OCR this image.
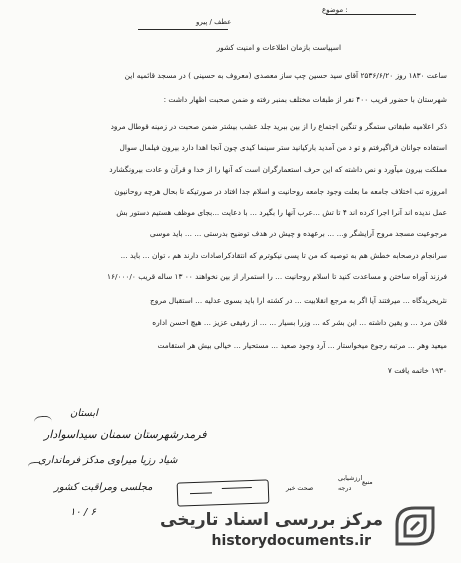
موضوع :
عطف / پیرو
اسپیاست بازمان اطلاعات و امنیت کشور
ساعت ۱۸۳۰ روز ۲۵۳۶/۶/۲۰ آقای سید حسین چپ ساز معصدی (معروف به حسینی ) در مسجد قائمیه این
شهرستان با حضور قریب ۴۰۰ نفر از طبقات مختلف بمنبر رفته و ضمن صحبت اظهار داشت :
ذکر اعلامیه طبقاتی ستمگر و تنگین اجتماع را از بین ببرید جلد عشب بیشتر ضمن صحبت در زمینه قوطال مرود
استفاده جوانان فراگیرفتم و تو د من آمدید بارکیانید ستر سینما کیدی چون آنجا اهدا دارد بیرون فیلمال سوال
مملکت بیرون میآورد و نص داشته که این حرف استعمارگران است که آنها را از خدا و قرآن و عادت بیرونگشارد
امروزه تب اختلاف جامعه ما بعلت وجود جامعه روحانیت و اسلام جدا افتاد در صورتیکه تا بحال هرچه روحانیون
عمل ندیده اند آنرا اجرا کرده اند ۴ تا تش ...عرب آنها را بگیرد ... با دعایت ...بجای موظف هستیم دستور بش
مرجوعیت مسجد مروج آرایشگر و... ... برعهده و چیش در هدف توضیح بدرستی ... ... باید موسی
سرانجام درصحابه خطش هم به توصیه که من تا پسی نیکوترم که انتقادکراصادات دارند هم ، توان ... باید ...
فرزند آوراه ساختن و مساعدت کنید تا اسلام روحانیت ... را استمرار از بین نخواهند ۰۰ ۱۳ ساله قریب ۱۶/۰۰۰/۰
نثریخریدگاه ... میرفتند آیا اگر به مرجع انقلابیت ... در کشته ارا باید بسوی عدلیه ... استقبال مروج
فلان مرد ... و یقین داشته ... این بشر که ... وزرا بسیار ... ... از رفیقی عزیز ... هیچ احسن اداره
میعید وهر ... مرتبه رجوع میخواستار ... آرد وجود صعید ... مستحیار ... خیالی بیش هر استقامت
۱۹۳۰ خاتمه یافت ۷
ابستان
فرمدرشهرستان سمنان سیداسوادار
شیاد رزیا میراوی مدکز فرمانداری
مجلسی ومراقبت کشور
۶ / ۱۰
ارزشیابی
درجه
صحت خبر
منبع
مرکز بررسی اسناد تاریخی
historydocuments.ir
